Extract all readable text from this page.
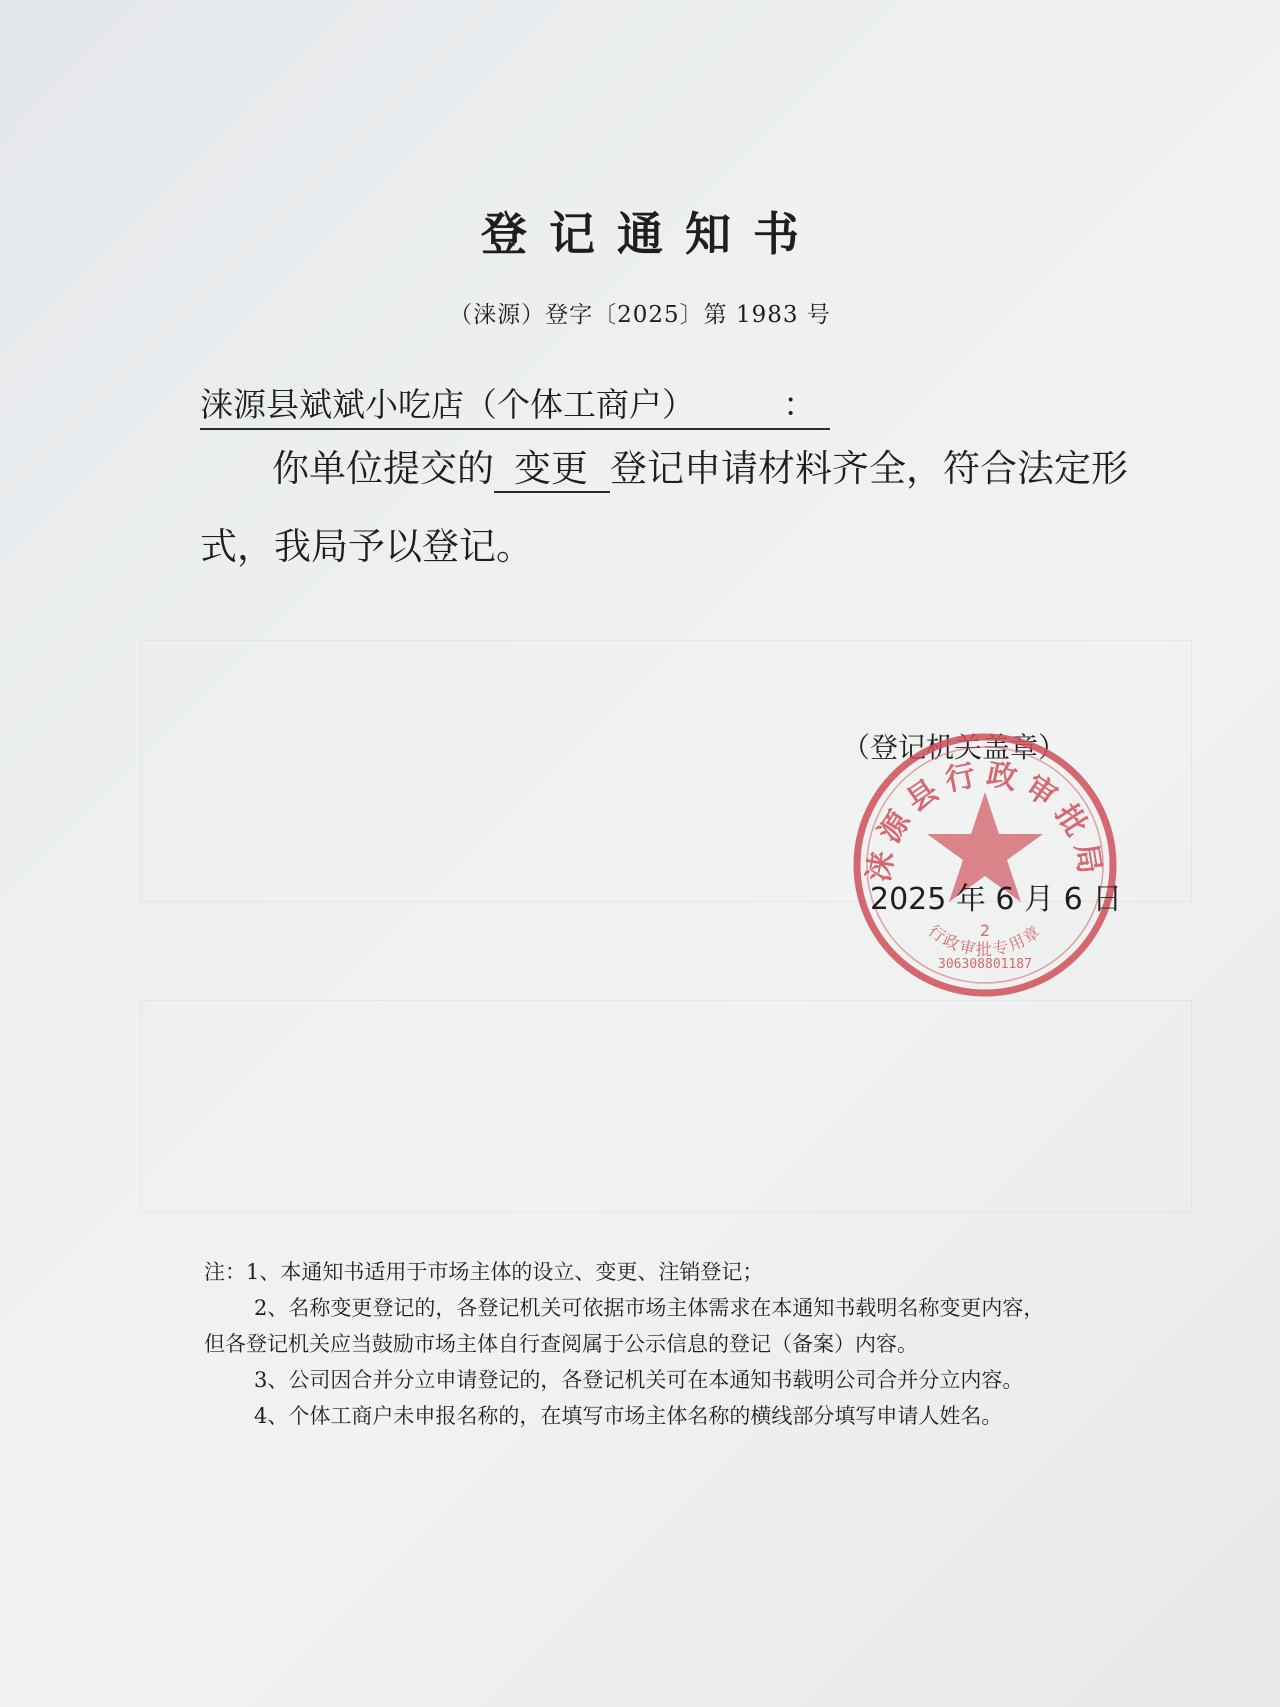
登记通知书
（涞源）登字〔2025〕第 1983 号
涞源县斌斌小吃店（个体工商户）	：
你单位提交的 变更 登记申请材料齐全，符合法定形
式，我局予以登记。
（登记机关盖章）
涞源县行政审批局
行政审批专用章
2
306308801187
2025 年 6 月 6 日
注：1、本通知书适用于市场主体的设立、变更、注销登记；
2、名称变更登记的，各登记机关可依据市场主体需求在本通知书载明名称变更内容，
但各登记机关应当鼓励市场主体自行查阅属于公示信息的登记（备案）内容。
3、公司因合并分立申请登记的，各登记机关可在本通知书载明公司合并分立内容。
4、个体工商户未申报名称的，在填写市场主体名称的横线部分填写申请人姓名。
